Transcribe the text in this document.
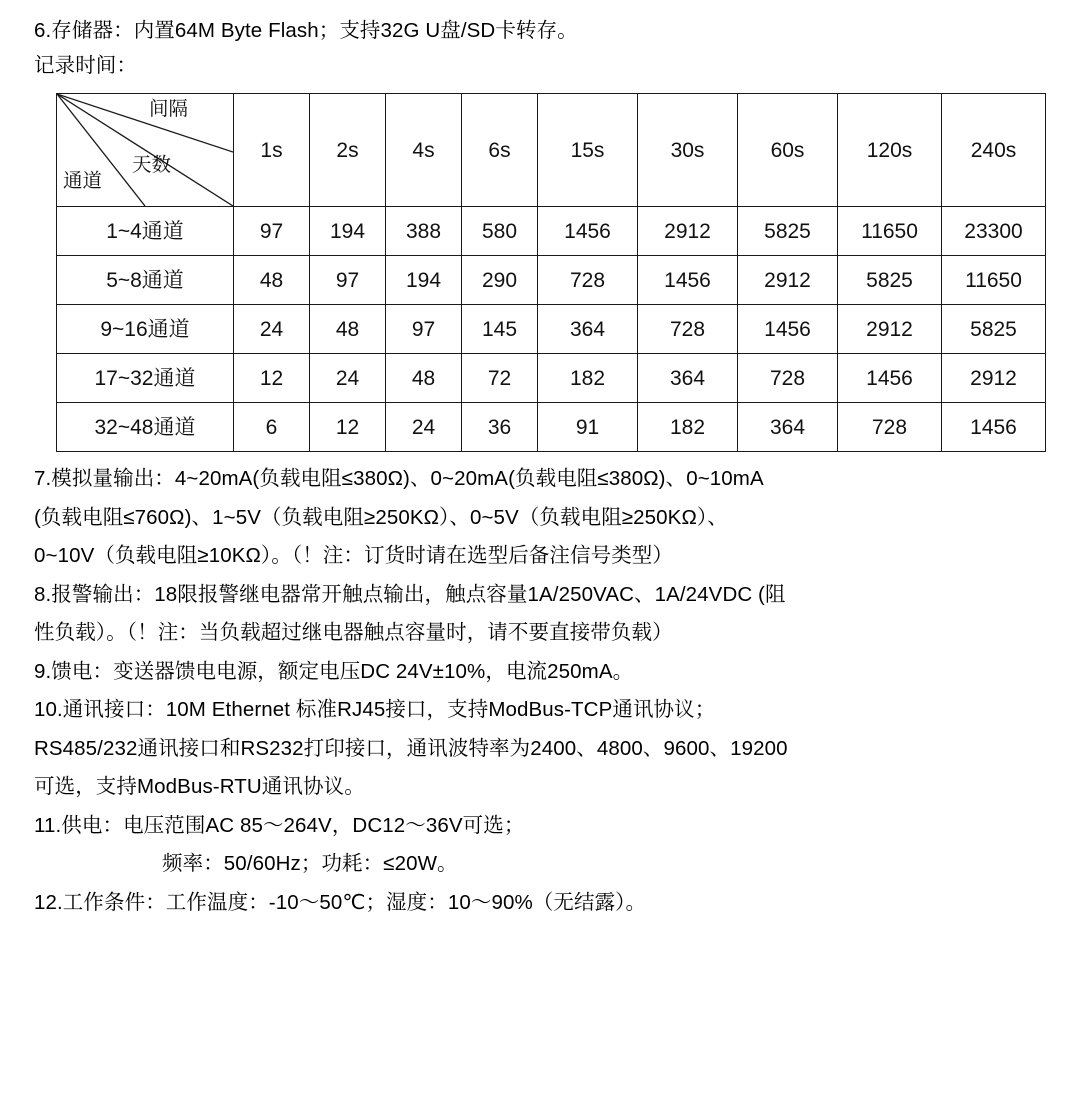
6.存储器：内置64M Byte Flash；支持32G U盘/SD卡转存。

记录时间：

间隔
天数
通道	1s	2s	4s	6s	15s	30s	60s	120s	240s
1~4通道	97	194	388	580	1456	2912	5825	11650	23300
5~8通道	48	97	194	290	728	1456	2912	5825	11650
9~16通道	24	48	97	145	364	728	1456	2912	5825
17~32通道	12	24	48	72	182	364	728	1456	2912
32~48通道	6	12	24	36	91	182	364	728	1456

7.模拟量输出：4~20mA(负载电阻≤380Ω)、0~20mA(负载电阻≤380Ω)、0~10mA

(负载电阻≤760Ω)、1~5V（负载电阻≥250KΩ）、0~5V（负载电阻≥250KΩ）、

0~10V（负载电阻≥10KΩ）。（！注：订货时请在选型后备注信号类型）

8.报警输出：18限报警继电器常开触点输出，触点容量1A/250VAC、1A/24VDC (阻

性负载）。（！注：当负载超过继电器触点容量时，请不要直接带负载）

9.馈电：变送器馈电电源，额定电压DC 24V±10%，电流250mA。

10.通讯接口：10M Ethernet 标准RJ45接口，支持ModBus-TCP通讯协议；

RS485/232通讯接口和RS232打印接口，通讯波特率为2400、4800、9600、19200

可选，支持ModBus-RTU通讯协议。

11.供电：电压范围AC 85～264V，DC12～36V可选；

频率：50/60Hz；功耗：≤20W。

12.工作条件：工作温度：-10～50℃；湿度：10～90%（无结露）。
